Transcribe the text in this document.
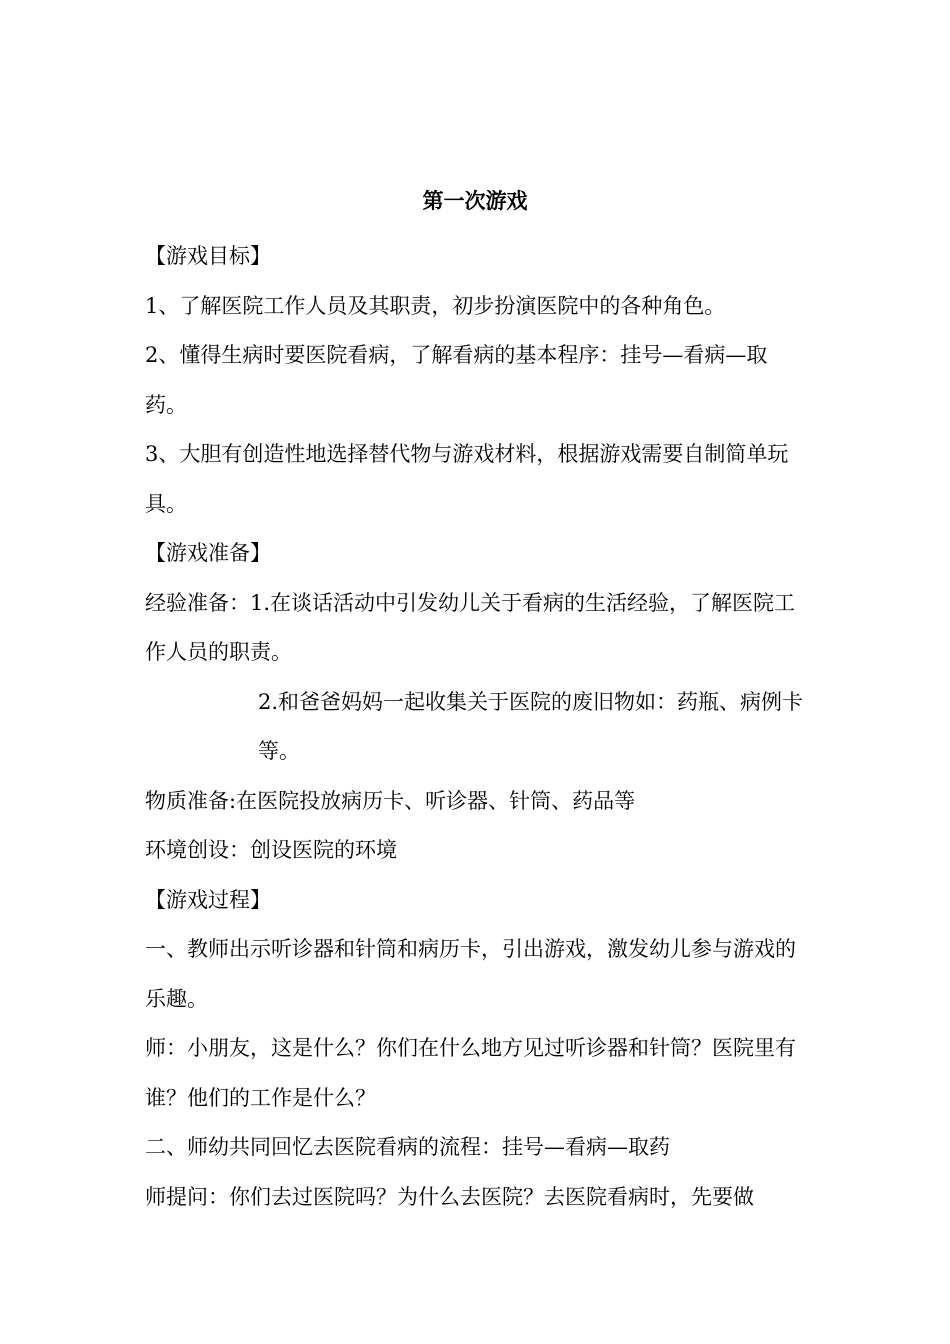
第一次游戏

【游戏目标】

1、了解医院工作人员及其职责，初步扮演医院中的各种角色。

2、懂得生病时要医院看病，了解看病的基本程序：挂号—看病—取药。

3、大胆有创造性地选择替代物与游戏材料，根据游戏需要自制简单玩具。

【游戏准备】

经验准备：1.在谈话活动中引发幼儿关于看病的生活经验，了解医院工作人员的职责。

2.和爸爸妈妈一起收集关于医院的废旧物如：药瓶、病例卡等。

物质准备:在医院投放病历卡、听诊器、针筒、药品等

环境创设：创设医院的环境

【游戏过程】

一、教师出示听诊器和针筒和病历卡，引出游戏，激发幼儿参与游戏的乐趣。

师：小朋友，这是什么？你们在什么地方见过听诊器和针筒？医院里有谁？他们的工作是什么？

二、师幼共同回忆去医院看病的流程：挂号—看病—取药

师提问：你们去过医院吗？为什么去医院？去医院看病时，先要做
